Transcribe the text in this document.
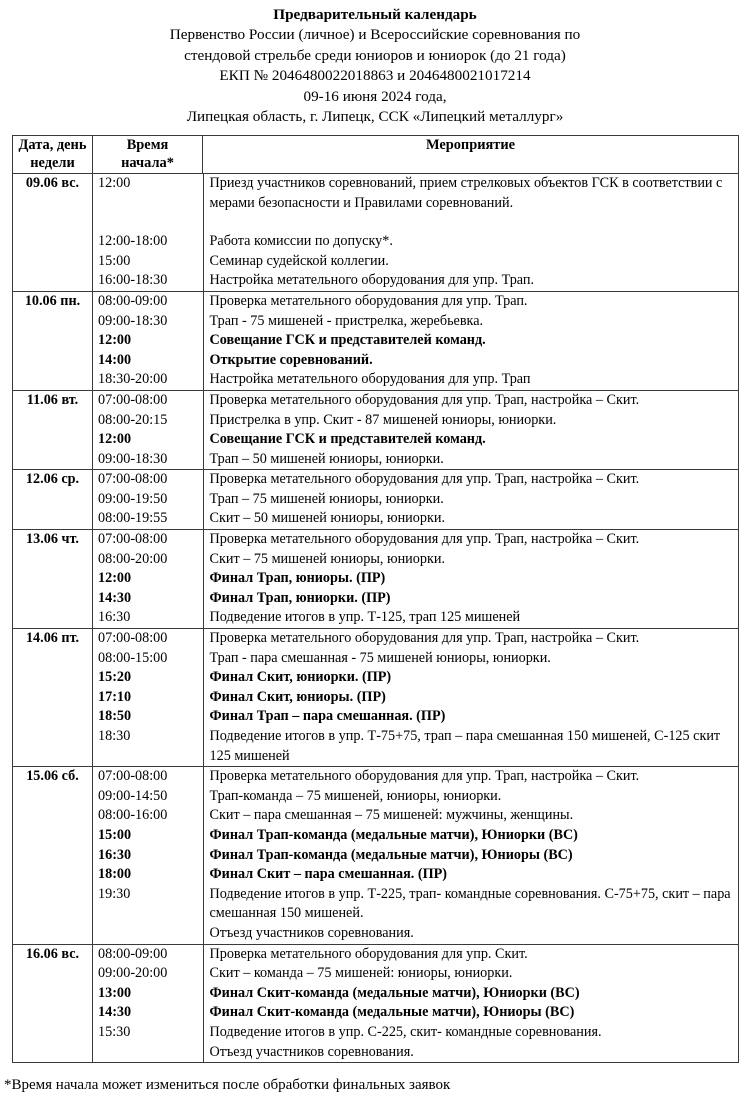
Предварительный календарь
Первенство России (личное) и Всероссийские соревнования по
стендовой стрельбе среди юниоров и юниорок (до 21 года)
ЕКП № 2046480022018863 и 2046480021017214
09-16 июня 2024 года,
Липецкая область, г. Липецк, ССК «Липецкий металлург»
Дата, день
недели

Время
начала*
	Мероприятие
09.06 вс.	12:00	Приезд участников соревнований, прием стрелковых объектов ГСК в соответствии с мерами безопасности и Правилами соревнований.

12:00-18:00	Работа комиссии по допуску*.
15:00	Семинар судейской коллегии.
16:00-18:30	Настройка метательного оборудования для упр. Трап.

10.06 пн.	08:00-09:00	Проверка метательного оборудования для упр. Трап.
09:00-18:30	Трап - 75 мишеней - пристрелка, жеребьевка.
12:00	Совещание ГСК и представителей команд.
14:00	Открытие соревнований.
18:30-20:00	Настройка метательного оборудования для упр. Трап

11.06 вт.	07:00-08:00	Проверка метательного оборудования для упр. Трап, настройка – Скит.
08:00-20:15	Пристрелка в упр. Скит - 87 мишеней юниоры, юниорки.
12:00	Совещание ГСК и представителей команд.
09:00-18:30	Трап – 50 мишеней юниоры, юниорки.

12.06 ср.	07:00-08:00	Проверка метательного оборудования для упр. Трап, настройка – Скит.
09:00-19:50	Трап – 75 мишеней юниоры, юниорки.
08:00-19:55	Скит – 50 мишеней юниоры, юниорки.

13.06 чт.	07:00-08:00	Проверка метательного оборудования для упр. Трап, настройка – Скит.
08:00-20:00	Скит – 75 мишеней юниоры, юниорки.
12:00	Финал Трап, юниоры. (ПР)
14:30	Финал Трап, юниорки. (ПР)
16:30	Подведение итогов в упр. Т-125, трап 125 мишеней

14.06 пт.	07:00-08:00	Проверка метательного оборудования для упр. Трап, настройка – Скит.
08:00-15:00	Трап - пара смешанная - 75 мишеней юниоры, юниорки.
15:20	Финал Скит, юниорки. (ПР)
17:10	Финал Скит, юниоры. (ПР)
18:50	Финал Трап – пара смешанная. (ПР)
18:30	Подведение итогов в упр. Т-75+75, трап – пара смешанная 150 мишеней, С-125 скит 125 мишеней

15.06 сб.	07:00-08:00	Проверка метательного оборудования для упр. Трап, настройка – Скит.
09:00-14:50	Трап-команда – 75 мишеней, юниоры, юниорки.
08:00-16:00	Скит – пара смешанная – 75 мишеней: мужчины, женщины.
15:00	Финал Трап-команда (медальные матчи), Юниорки (ВС)
16:30	Финал Трап-команда (медальные матчи), Юниоры (ВС)
18:00	Финал Скит – пара смешанная. (ПР)
19:30	Подведение итогов в упр. Т-225, трап- командные соревнования. С-75+75, скит – пара смешанная 150 мишеней.
	Отъезд участников соревнования.

16.06 вс.	08:00-09:00	Проверка метательного оборудования для упр. Скит.
09:00-20:00	Скит – команда – 75 мишеней: юниоры, юниорки.
13:00	Финал Скит-команда (медальные матчи), Юниорки (ВС)
14:30	Финал Скит-команда (медальные матчи), Юниоры (ВС)
15:30	Подведение итогов в упр. С-225, скит- командные соревнования.
	Отъезд участников соревнования.
*Время начала может измениться после обработки финальных заявок
